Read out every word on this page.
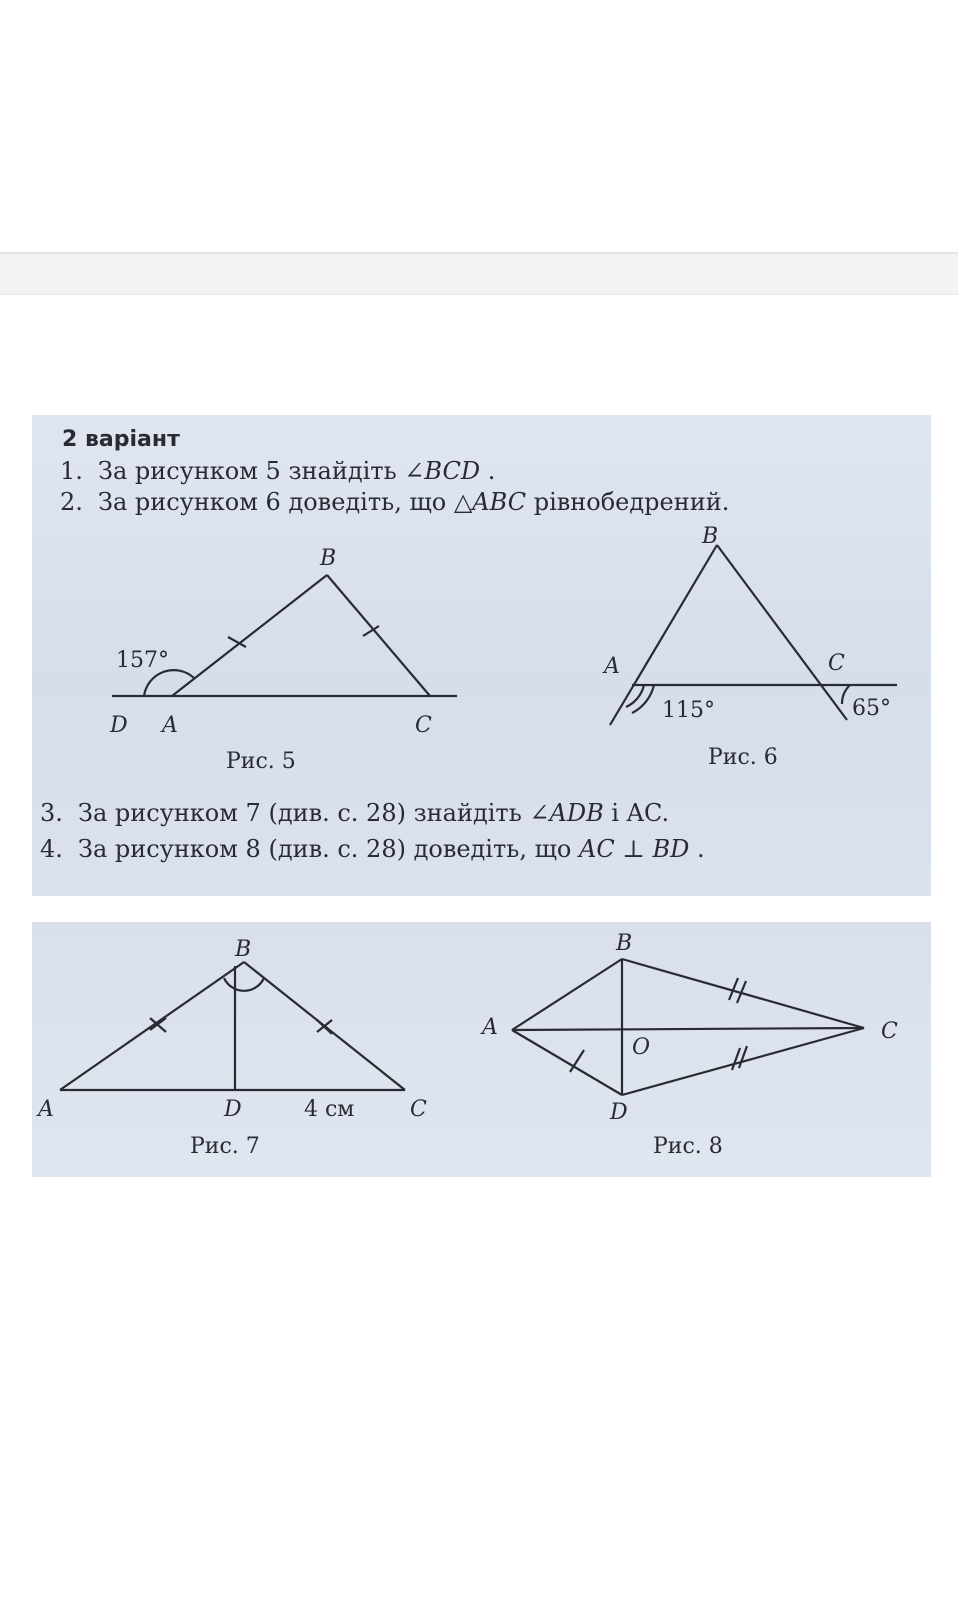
2 варіант
1. За рисунком 5 знайдіть ∠BCD .
2. За рисунком 6 доведіть, що △ABC рівнобедрений.
B
D A	C
157°
Рис. 5
B
A	C
115°	65°
Рис. 6
3. За рисунком 7 (див. с. 28) знайдіть ∠ADB і AC.
4. За рисунком 8 (див. с. 28) доведіть, що AC ⊥ BD .
B
A	D	4 см	C
Рис. 7
B
A	C
D
O
Рис. 8
